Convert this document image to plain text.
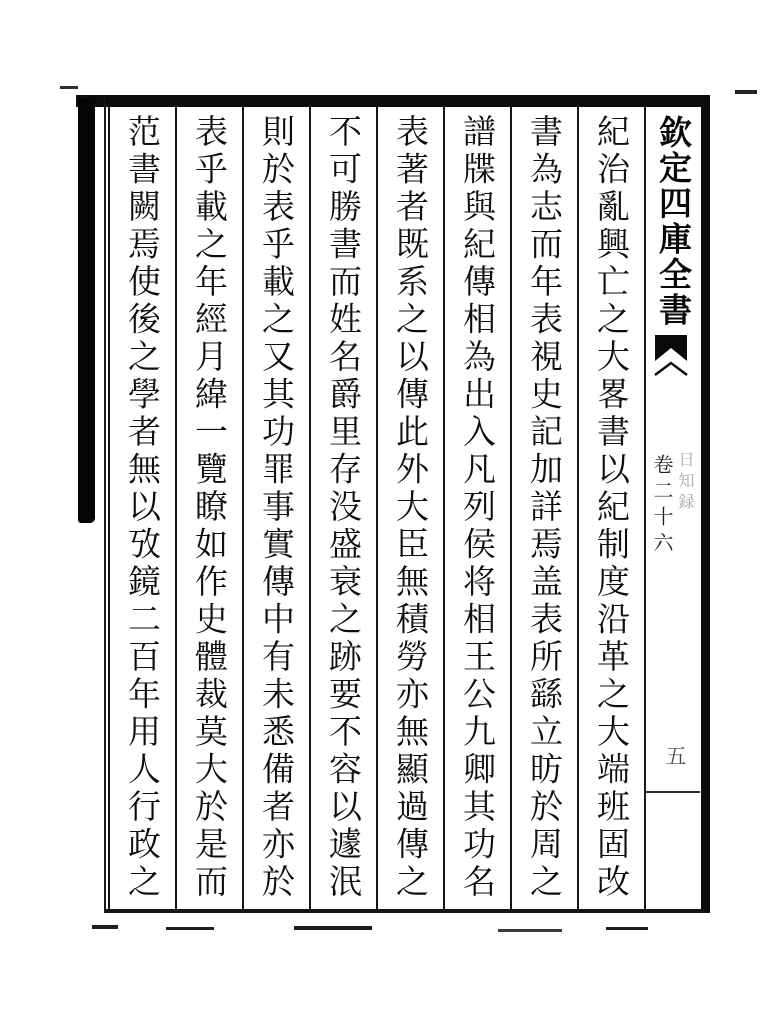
欽定四庫全書
日知録
卷二十六
五
紀治亂興亡之大畧書以紀制度沿革之大端班固改
書為志而年表視史記加詳焉盖表所繇立昉於周之
譜牒與紀傳相為出入凡列侯将相王公九卿其功名
表著者既系之以傳此外大臣無積勞亦無顯過傳之
不可勝書而姓名爵里存没盛衰之跡要不容以遽泯
則於表乎載之又其功罪事實傳中有未悉備者亦於
表乎載之年經月緯一覽瞭如作史體裁莫大於是而
范書闕焉使後之學者無以攷鏡二百年用人行政之
